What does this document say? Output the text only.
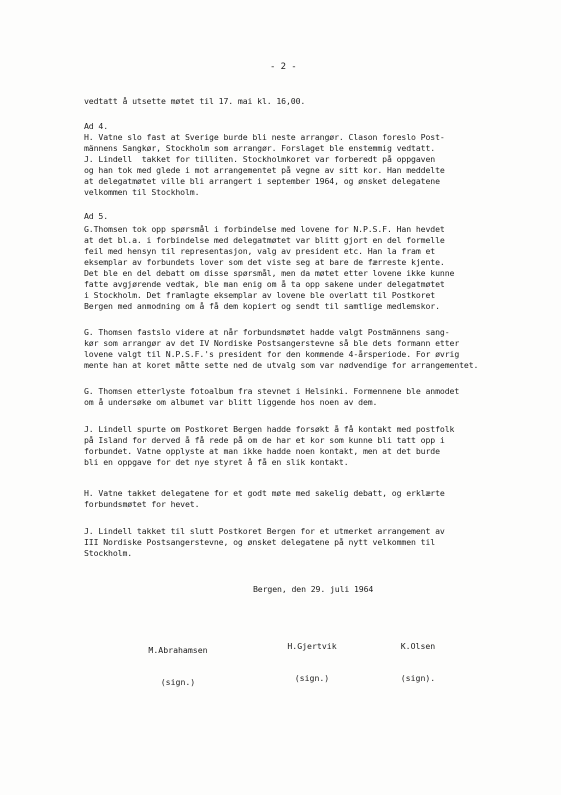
- 2 -
vedtatt å utsette møtet til 17. mai kl. 16,00.
Ad 4.
H. Vatne slo fast at Sverige burde bli neste arrangør. Clason foreslo Post-
männens Sangkør, Stockholm som arrangør. Forslaget ble enstemmig vedtatt.
J. Lindell  takket for tilliten. Stockholmkoret var forberedt på oppgaven
og han tok med glede i mot arrangementet på vegne av sitt kor. Han meddelte
at delegatmøtet ville bli arrangert i september 1964, og ønsket delegatene
velkommen til Stockholm.
Ad 5.
G.Thomsen tok opp spørsmål i forbindelse med lovene for N.P.S.F. Han hevdet
at det bl.a. i forbindelse med delegatmøtet var blitt gjort en del formelle
feil med hensyn til representasjon, valg av president etc. Han la fram et
eksemplar av forbundets lover som det viste seg at bare de færreste kjente.
Det ble en del debatt om disse spørsmål, men da møtet etter lovene ikke kunne
fatte avgjørende vedtak, ble man enig om å ta opp sakene under delegatmøtet
i Stockholm. Det framlagte eksemplar av lovene ble overlatt til Postkoret
Bergen med anmodning om å få dem kopiert og sendt til samtlige medlemskor.
G. Thomsen fastslo videre at når forbundsmøtet hadde valgt Postmännens sang-
kør som arrangør av det IV Nordiske Postsangerstevne så ble dets formann etter
lovene valgt til N.P.S.F.'s president for den kommende 4-årsperiode. For øvrig
mente han at koret måtte sette ned de utvalg som var nødvendige for arrangementet.
G. Thomsen etterlyste fotoalbum fra stevnet i Helsinki. Formennene ble anmodet
om å undersøke om albumet var blitt liggende hos noen av dem.
J. Lindell spurte om Postkoret Bergen hadde forsøkt å få kontakt med postfolk
på Island for derved å få rede på om de har et kor som kunne bli tatt opp i
forbundet. Vatne opplyste at man ikke hadde noen kontakt, men at det burde
bli en oppgave for det nye styret å få en slik kontakt.
H. Vatne takket delegatene for et godt møte med sakelig debatt, og erklærte
forbundsmøtet for hevet.
J. Lindell takket til slutt Postkoret Bergen for et utmerket arrangement av
III Nordiske Postsangerstevne, og ønsket delegatene på nytt velkommen til
Stockholm.
Bergen, den 29. juli 1964

M.Abrahamsen

(sign.)

H.Gjertvik

(sign.)

K.Olsen

(sign).
